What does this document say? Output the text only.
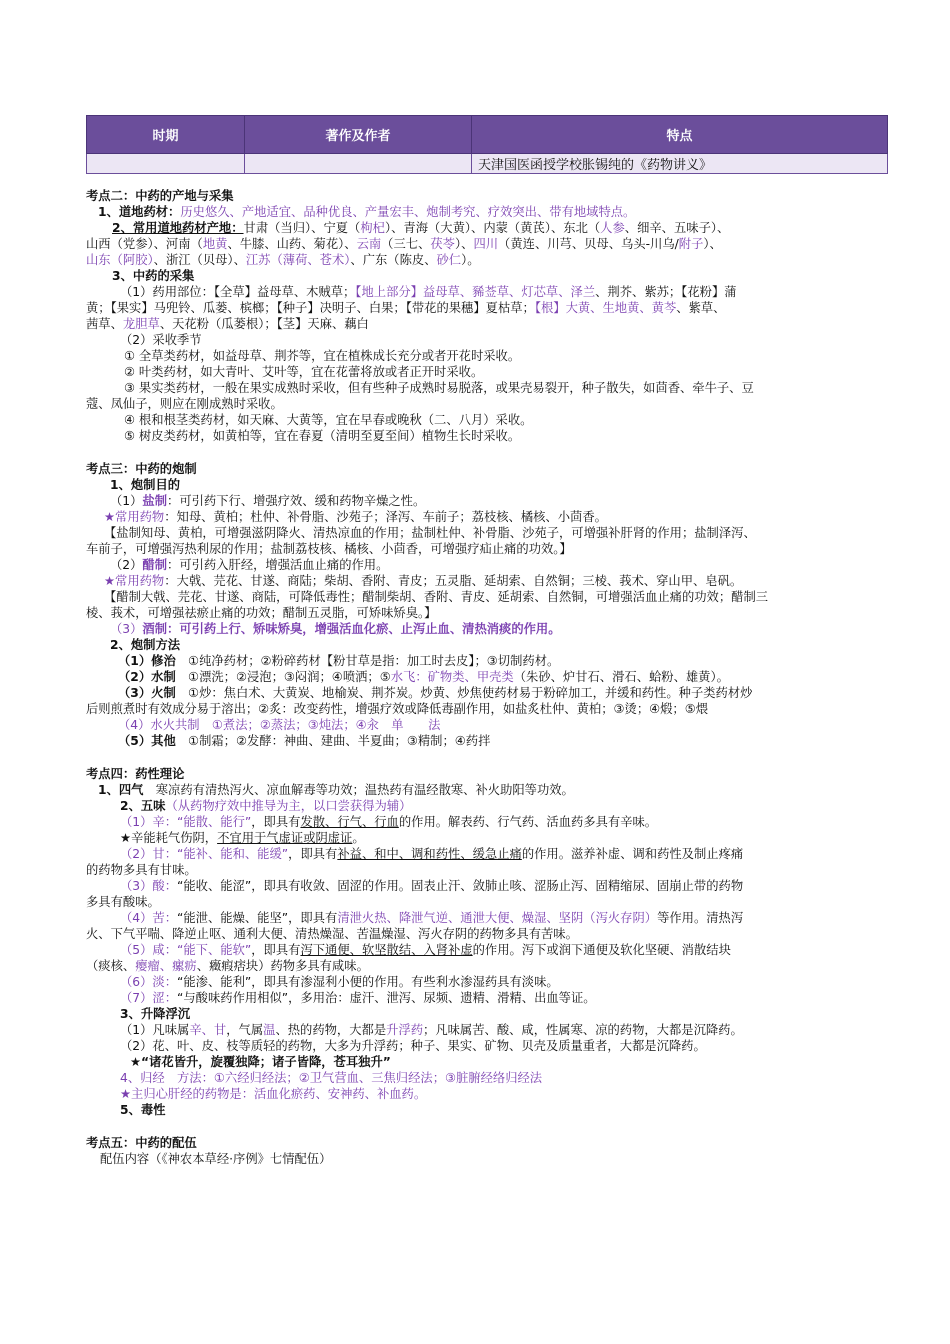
时期	著作及作者	特点
		天津国医函授学校胀锡纯的《药物讲义》
考点二：中药的产地与采集
1、道地药材：历史悠久、产地适宜、品种优良、产量宏丰、炮制考究、疗效突出、带有地域特点。
2、常用道地药材产地：甘肃（当归）、宁夏（枸杞）、青海（大黄）、内蒙（黄芪）、东北（人参、细辛、五味子）、
山西（党参）、河南（地黄、牛膝、山药、菊花）、云南（三七、茯苓）、四川（黄连、川芎、贝母、乌头-川乌/附子）、
山东（阿胶）、浙江（贝母）、江苏（薄荷、苍术）、广东（陈皮、砂仁）。
3、中药的采集
（1）药用部位：【全草】益母草、木贼草；【地上部分】益母草、豨莶草、灯芯草、泽兰、荆芥、紫苏；【花粉】蒲
黄；【果实】马兜铃、瓜蒌、槟榔；【种子】决明子、白果；【带花的果穗】夏枯草；【根】大黄、生地黄、黄芩、紫草、
茜草、龙胆草、天花粉（瓜蒌根）；【茎】天麻、藕白
（2）采收季节
① 全草类药材，如益母草、荆芥等，宜在植株成长充分或者开花时采收。
② 叶类药材，如大青叶、艾叶等，宜在花蕾将放或者正开时采收。
③ 果实类药材，一般在果实成熟时采收，但有些种子成熟时易脱落，或果壳易裂开，种子散失，如茴香、牵牛子、豆
蔻、凤仙子，则应在刚成熟时采收。
④ 根和根茎类药材，如天麻、大黄等，宜在早春或晚秋（二、八月）采收。
⑤ 树皮类药材，如黄柏等，宜在春夏（清明至夏至间）植物生长时采收。
考点三：中药的炮制
1、炮制目的
（1）盐制：可引药下行、增强疗效、缓和药物辛燥之性。
★常用药物：知母、黄柏；杜仲、补骨脂、沙苑子；泽泻、车前子；荔枝核、橘核、小茴香。
【盐制知母、黄柏，可增强滋阴降火、清热凉血的作用；盐制杜仲、补骨脂、沙苑子，可增强补肝肾的作用；盐制泽泻、
车前子，可增强泻热利尿的作用；盐制荔枝核、橘核、小茴香，可增强疗疝止痛的功效。】
（2）醋制：可引药入肝经，增强活血止痛的作用。
★常用药物：大戟、芫花、甘遂、商陆；柴胡、香附、青皮；五灵脂、延胡索、自然铜；三棱、莪术、穿山甲、皂矾。
【醋制大戟、芫花、甘遂、商陆，可降低毒性；醋制柴胡、香附、青皮、延胡索、自然铜，可增强活血止痛的功效；醋制三
棱、莪术，可增强祛瘀止痛的功效；醋制五灵脂，可矫味矫臭。】
（3）酒制：可引药上行、矫味矫臭，增强活血化瘀、止泻止血、清热消痰的作用。
2、炮制方法
（1）修治　①纯净药材；②粉碎药材【粉甘草是指：加工时去皮】；③切制药材。
（2）水制　①漂洗；②浸泡；③闷润；④喷洒；⑤水飞：矿物类、甲壳类（朱砂、炉甘石、滑石、蛤粉、雄黄）。
（3）火制　①炒：焦白术、大黄炭、地榆炭、荆芥炭。炒黄、炒焦使药材易于粉碎加工，并缓和药性。种子类药材炒
后则煎煮时有效成分易于溶出；②炙：改变药性，增强疗效或降低毒副作用，如盐炙杜仲、黄柏；③烫；④煅；⑤煨
（4）水火共制　①煮法；②蒸法；③炖法；④汆　单　　法
（5）其他　①制霜；②发酵：神曲、建曲、半夏曲；③精制；④药拌
考点四：药性理论
1、四气　寒凉药有清热泻火、凉血解毒等功效；温热药有温经散寒、补火助阳等功效。
2、五味（从药物疗效中推导为主，以口尝获得为辅）
（1）辛：“能散、能行”，即具有发散、行气、行血的作用。解表药、行气药、活血药多具有辛味。
★辛能耗气伤阴，不宜用于气虚证或阴虚证。
（2）甘：“能补、能和、能缓”，即具有补益、和中、调和药性、缓急止痛的作用。滋养补虚、调和药性及制止疼痛
的药物多具有甘味。
（3）酸：“能收、能涩”，即具有收敛、固涩的作用。固表止汗、敛肺止咳、涩肠止泻、固精缩尿、固崩止带的药物
多具有酸味。
（4）苦：“能泄、能燥、能坚”，即具有清泄火热、降泄气逆、通泄大便、燥湿、坚阴（泻火存阴）等作用。清热泻
火、下气平喘、降逆止呕、通利大便、清热燥湿、苦温燥湿、泻火存阴的药物多具有苦味。
（5）咸：“能下、能软”，即具有泻下通便、软坚散结、入肾补虚的作用。泻下或润下通便及软化坚硬、消散结块
（痰核、瘿瘤、瘰疬、癥瘕痞块）药物多具有咸味。
（6）淡：“能渗、能利”，即具有渗湿利小便的作用。有些利水渗湿药具有淡味。
（7）涩：“与酸味药作用相似”，多用治：虚汗、泄泻、尿频、遗精、滑精、出血等证。
3、升降浮沉
（1）凡味属辛、甘，气属温、热的药物，大都是升浮药；凡味属苦、酸、咸，性属寒、凉的药物，大都是沉降药。
（2）花、叶、皮、枝等质轻的药物，大多为升浮药；种子、果实、矿物、贝壳及质量重者，大都是沉降药。
★“诸花皆升，旋覆独降；诸子皆降，苍耳独升”
4、归经　方法：①六经归经法；②卫气营血、三焦归经法；③脏腑经络归经法
★主归心肝经的药物是：活血化瘀药、安神药、补血药。
5、毒性
考点五：中药的配伍
配伍内容（《神农本草经·序例》七情配伍）
